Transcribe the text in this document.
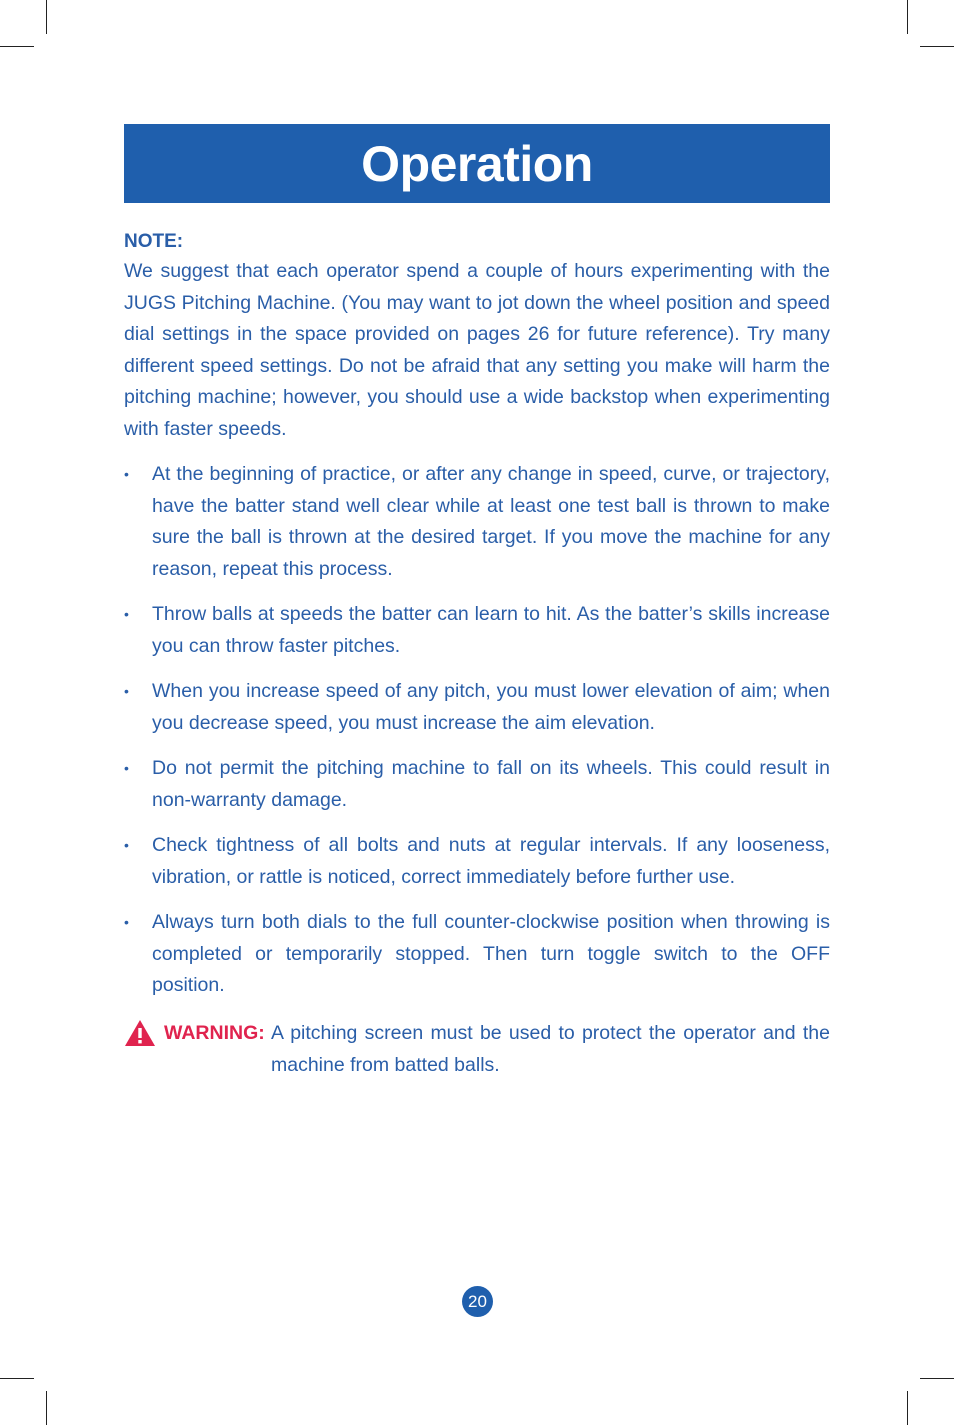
Operation
NOTE:

We suggest that each operator spend a couple of hours experimenting with the JUGS Pitching Machine. (You may want to jot down the wheel position and speed dial settings in the space provided on pages 26 for future reference). Try many different speed settings. Do not be afraid that any setting you make will harm the pitching machine; however, you should use a wide backstop when experimenting with faster speeds.

• At the beginning of practice, or after any change in speed, curve, or trajectory, have the batter stand well clear while at least one test ball is thrown to make sure the ball is thrown at the desired target. If you move the machine for any reason, repeat this process.
• Throw balls at speeds the batter can learn to hit. As the batter’s skills increase you can throw faster pitches.
• When you increase speed of any pitch, you must lower elevation of aim; when you decrease speed, you must increase the aim elevation.
• Do not permit the pitching machine to fall on its wheels. This could result in non-warranty damage.
• Check tightness of all bolts and nuts at regular intervals. If any looseness, vibration, or rattle is noticed, correct immediately before further use.
• Always turn both dials to the full counter-clockwise position when throwing is completed or temporarily stopped. Then turn toggle switch to the OFF position.
WARNING: A pitching screen must be used to protect the operator and the machine from batted balls.
20
